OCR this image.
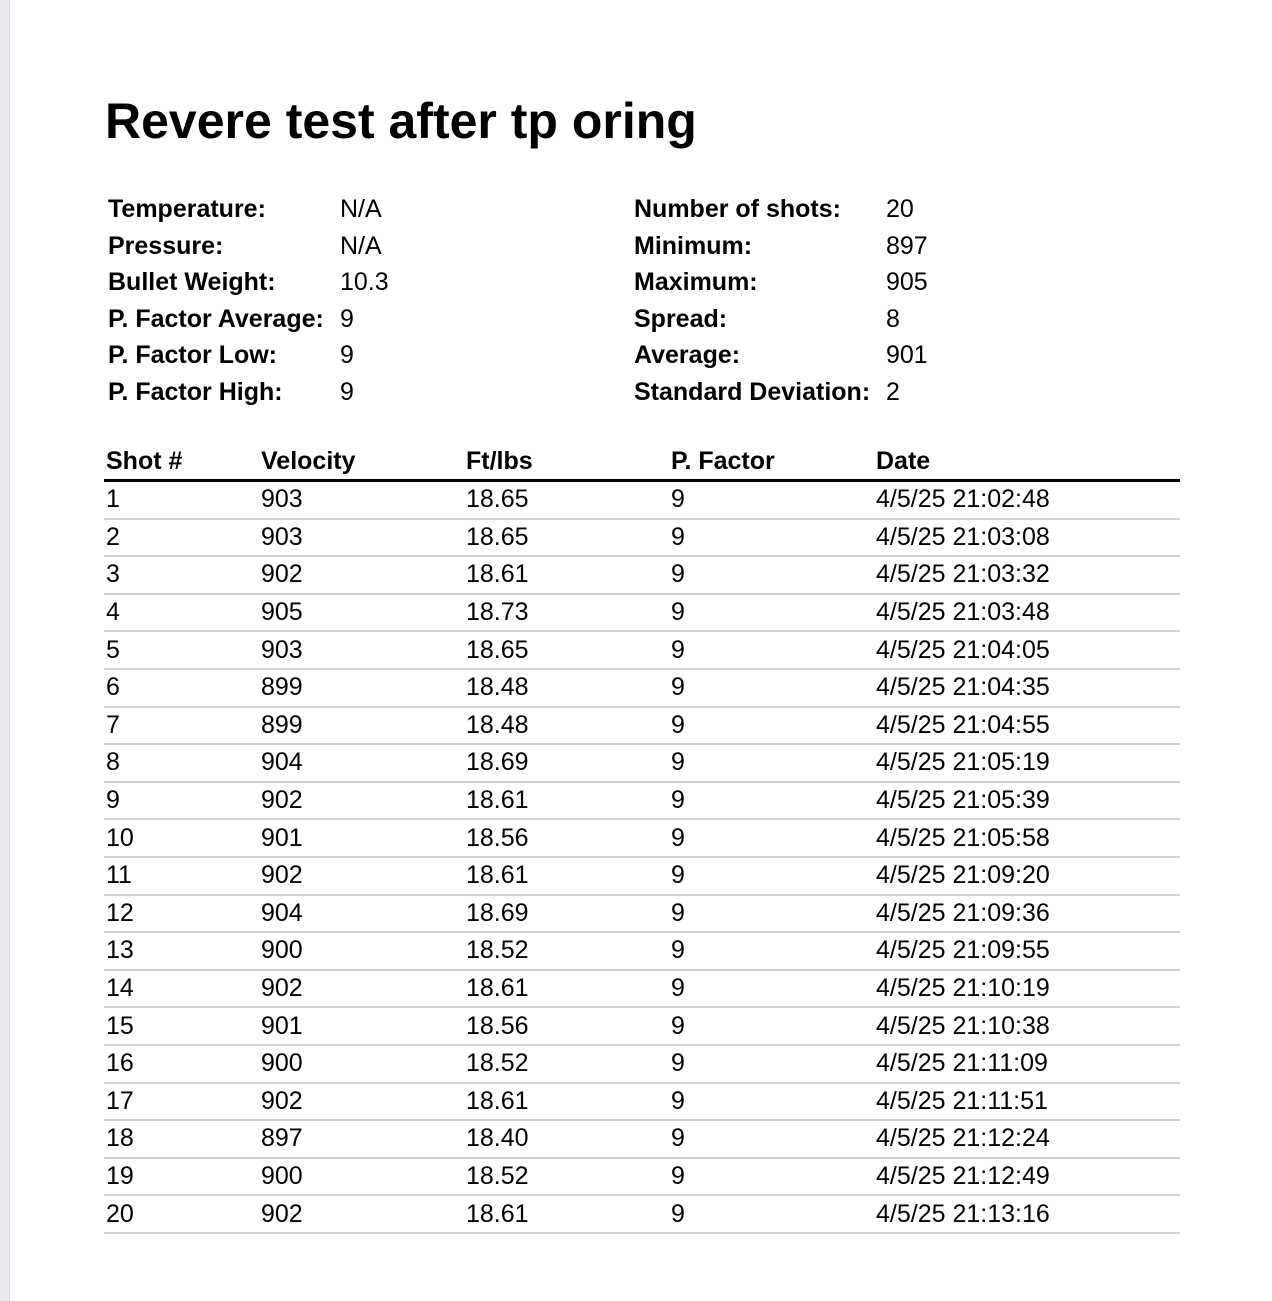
Revere test after tp oring
Temperature:	N/A
Pressure:	N/A
Bullet Weight:	10.3
P. Factor Average: 9
P. Factor Low:	9
P. Factor High: 9
Number of shots: 20
Minimum:	897
Maximum:	905
Spread:	8
Average:	901
Standard Deviation: 2
Shot #	Velocity	Ft/lbs	P. Factor	Date
1	903	18.65	9	4/5/25 21:02:48
2	903	18.65	9	4/5/25 21:03:08
3	902	18.61	9	4/5/25 21:03:32
4	905	18.73	9	4/5/25 21:03:48
5	903	18.65	9	4/5/25 21:04:05
6	899	18.48	9	4/5/25 21:04:35
7	899	18.48	9	4/5/25 21:04:55
8	904	18.69	9	4/5/25 21:05:19
9	902	18.61	9	4/5/25 21:05:39
10	901	18.56	9	4/5/25 21:05:58
11	902	18.61	9	4/5/25 21:09:20
12	904	18.69	9	4/5/25 21:09:36
13	900	18.52	9	4/5/25 21:09:55
14	902	18.61	9	4/5/25 21:10:19
15	901	18.56	9	4/5/25 21:10:38
16	900	18.52	9	4/5/25 21:11:09
17	902	18.61	9	4/5/25 21:11:51
18	897	18.40	9	4/5/25 21:12:24
19	900	18.52	9	4/5/25 21:12:49
20	902	18.61	9	4/5/25 21:13:16
